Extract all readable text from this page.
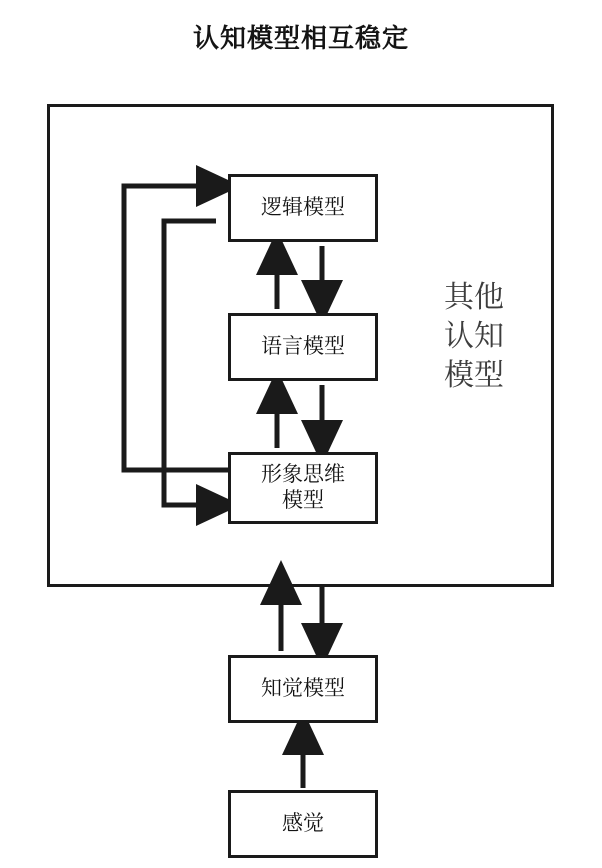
认知模型相互稳定
逻辑模型
语言模型
形象思维
模型
知觉模型
感觉
其他
认知
模型
